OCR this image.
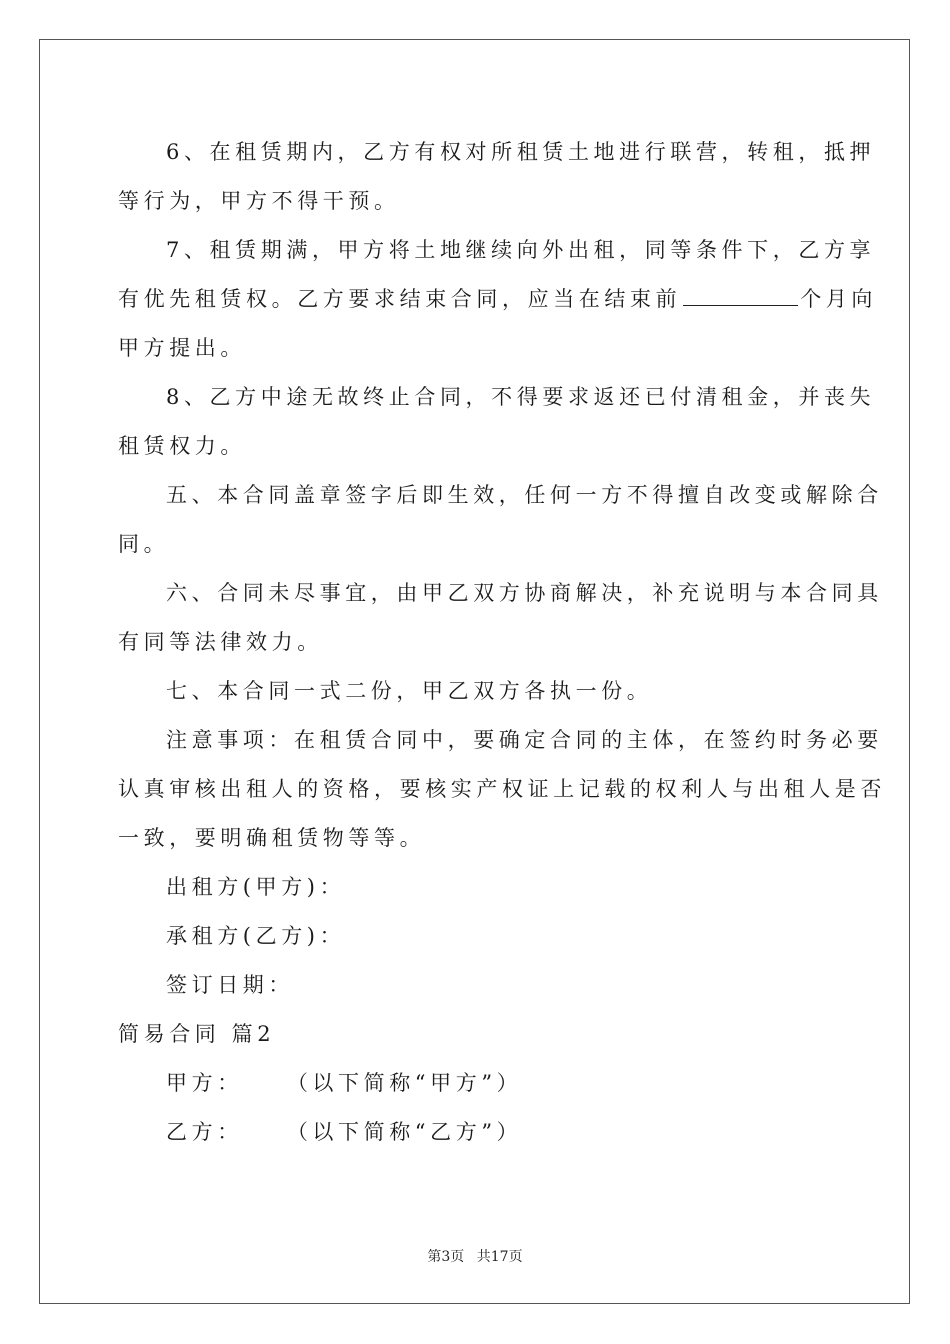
6、在租赁期内，乙方有权对所租赁土地进行联营，转租，抵押
等行为，甲方不得干预。
7、租赁期满，甲方将土地继续向外出租，同等条件下，乙方享
有优先租赁权。乙方要求结束合同，应当在结束前	个月向
甲方提出。
8、乙方中途无故终止合同，不得要求返还已付清租金，并丧失
租赁权力。
五、本合同盖章签字后即生效，任何一方不得擅自改变或解除合
同。
六、合同未尽事宜，由甲乙双方协商解决，补充说明与本合同具
有同等法律效力。
七、本合同一式二份，甲乙双方各执一份。
注意事项：在租赁合同中，要确定合同的主体，在签约时务必要
认真审核出租人的资格，要核实产权证上记载的权利人与出租人是否
一致，要明确租赁物等等。
出租方(甲方)：
承租方(乙方)：
签订日期：
简易合同 篇2
甲方： （以下简称“甲方”）
乙方： （以下简称“乙方”）
第3页 共17页
